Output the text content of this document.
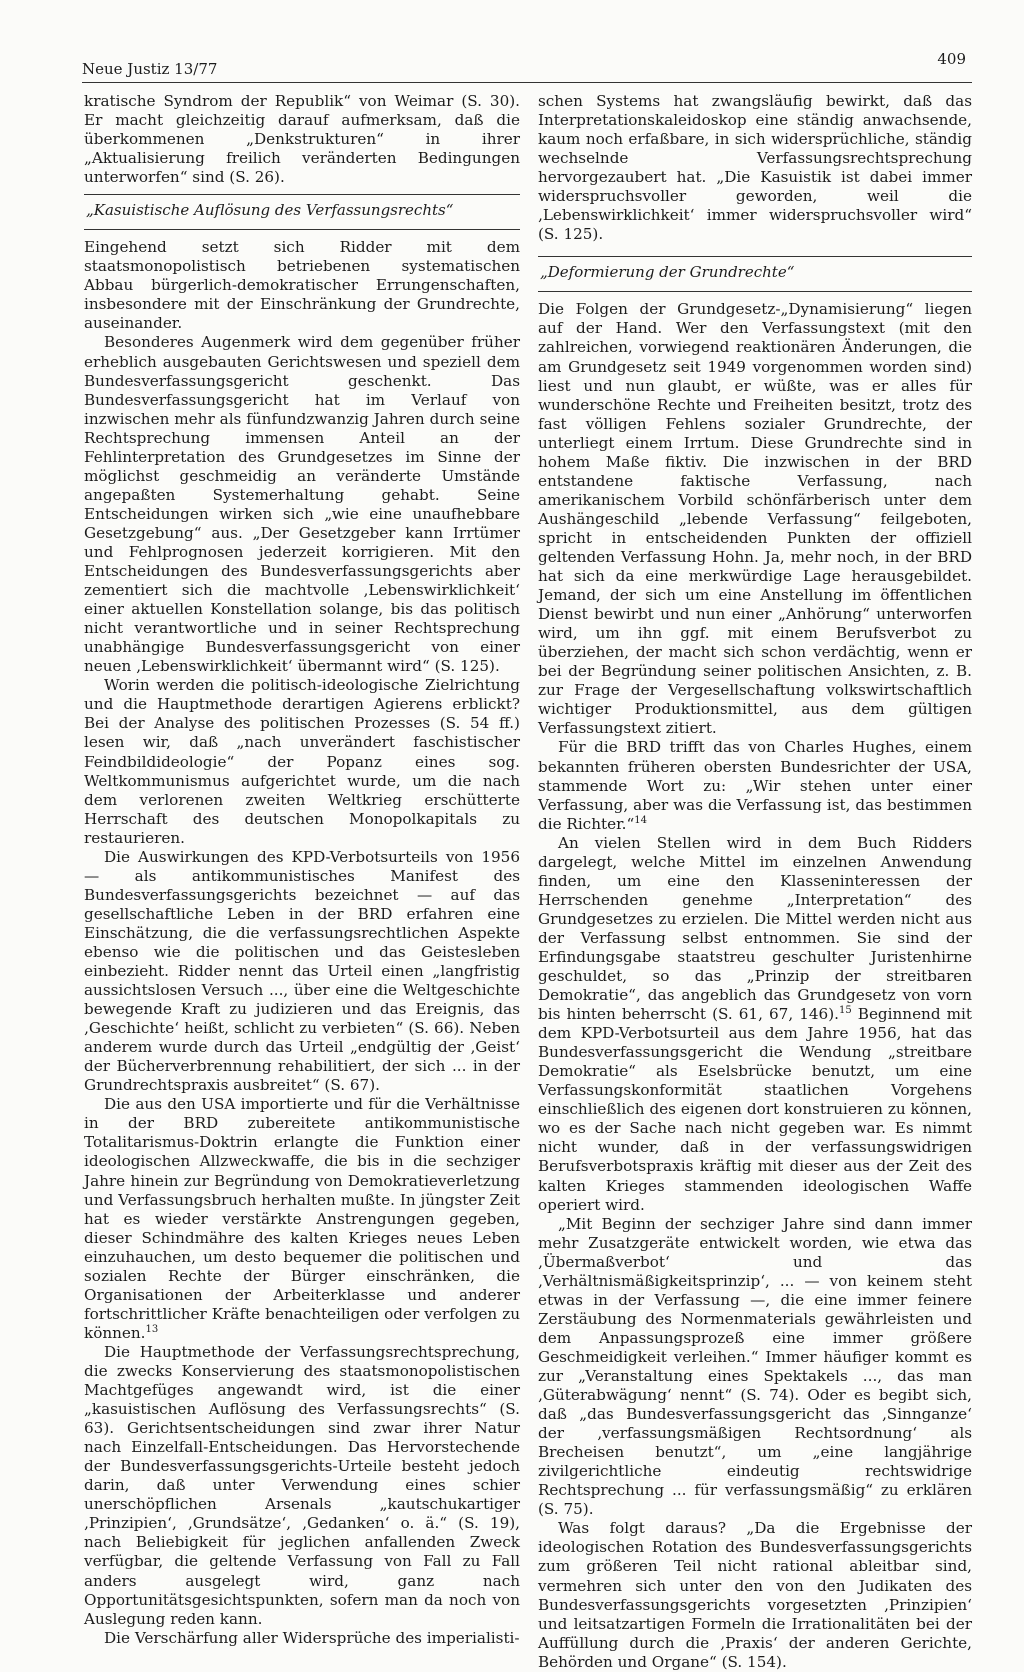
Neue Justiz 13/77
409

kratische Syndrom der Republik“ von Weimar (S. 30). Er macht gleichzeitig darauf aufmerksam, daß die überkommenen „Denkstrukturen“ in ihrer „Aktualisierung freilich veränderten Bedingungen unterworfen“ sind (S. 26).

„Kasuistische Auflösung des Verfassungsrechts“

Eingehend setzt sich Ridder mit dem staatsmonopolistisch betriebenen systematischen Abbau bürgerlich-demokratischer Errungenschaften, insbesondere mit der Einschränkung der Grundrechte, auseinander.

Besonderes Augenmerk wird dem gegenüber früher erheblich ausgebauten Gerichtswesen und speziell dem Bundesverfassungsgericht geschenkt. Das Bundesverfassungsgericht hat im Verlauf von inzwischen mehr als fünfundzwanzig Jahren durch seine Rechtsprechung immensen Anteil an der Fehlinterpretation des Grundgesetzes im Sinne der möglichst geschmeidig an veränderte Umstände angepaßten Systemerhaltung gehabt. Seine Entscheidungen wirken sich „wie eine unaufhebbare Gesetzgebung“ aus. „Der Gesetzgeber kann Irrtümer und Fehlprognosen jederzeit korrigieren. Mit den Entscheidungen des Bundesverfassungsgerichts aber zementiert sich die machtvolle ‚Lebenswirklichkeit‘ einer aktuellen Konstellation solange, bis das politisch nicht verantwortliche und in seiner Rechtsprechung unabhängige Bundesverfassungsgericht von einer neuen ‚Lebenswirklichkeit‘ übermannt wird“ (S. 125).

Worin werden die politisch-ideologische Zielrichtung und die Hauptmethode derartigen Agierens erblickt? Bei der Analyse des politischen Prozesses (S. 54 ff.) lesen wir, daß „nach unverändert faschistischer Feindbildideologie“ der Popanz eines sog. Weltkommunismus aufgerichtet wurde, um die nach dem verlorenen zweiten Weltkrieg erschütterte Herrschaft des deutschen Monopolkapitals zu restaurieren.

Die Auswirkungen des KPD-Verbotsurteils von 1956 — als antikommunistisches Manifest des Bundesverfassungsgerichts bezeichnet — auf das gesellschaftliche Leben in der BRD erfahren eine Einschätzung, die die verfassungsrechtlichen Aspekte ebenso wie die politischen und das Geistesleben einbezieht. Ridder nennt das Urteil einen „langfristig aussichtslosen Versuch ..., über eine die Weltgeschichte bewegende Kraft zu judizieren und das Ereignis, das ‚Geschichte‘ heißt, schlicht zu verbieten“ (S. 66). Neben anderem wurde durch das Urteil „endgültig der ‚Geist‘ der Bücherverbrennung rehabilitiert, der sich ... in der Grundrechtspraxis ausbreitet“ (S. 67).

Die aus den USA importierte und für die Verhältnisse in der BRD zubereitete antikommunistische Totalitarismus-Doktrin erlangte die Funktion einer ideologischen Allzweckwaffe, die bis in die sechziger Jahre hinein zur Begründung von Demokratieverletzung und Verfassungsbruch herhalten mußte. In jüngster Zeit hat es wieder verstärkte Anstrengungen gegeben, dieser Schindmähre des kalten Krieges neues Leben einzuhauchen, um desto bequemer die politischen und sozialen Rechte der Bürger einschränken, die Organisationen der Arbeiterklasse und anderer fortschrittlicher Kräfte benachteiligen oder verfolgen zu können.$^{13}$

Die Hauptmethode der Verfassungsrechtsprechung, die zwecks Konservierung des staatsmonopolistischen Machtgefüges angewandt wird, ist die einer „kasuistischen Auflösung des Verfassungsrechts“ (S. 63). Gerichtsentscheidungen sind zwar ihrer Natur nach Einzelfall-Entscheidungen. Das Hervorstechende der Bundesverfassungsgerichts-Urteile besteht jedoch darin, daß unter Verwendung eines schier unerschöpflichen Arsenals „kautschukartiger ‚Prinzipien‘, ‚Grundsätze‘, ‚Gedanken‘ o. ä.“ (S. 19), nach Beliebigkeit für jeglichen anfallenden Zweck verfügbar, die geltende Verfassung von Fall zu Fall anders ausgelegt wird, ganz nach Opportunitätsgesichtspunkten, sofern man da noch von Auslegung reden kann.

Die Verschärfung aller Widersprüche des imperialisti-

schen Systems hat zwangsläufig bewirkt, daß das Interpretationskaleidoskop eine ständig anwachsende, kaum noch erfaßbare, in sich widersprüchliche, ständig wechselnde Verfassungsrechtsprechung hervorgezaubert hat. „Die Kasuistik ist dabei immer widerspruchsvoller geworden, weil die ‚Lebenswirklichkeit‘ immer widerspruchsvoller wird“ (S. 125).

„Deformierung der Grundrechte“

Die Folgen der Grundgesetz-„Dynamisierung“ liegen auf der Hand. Wer den Verfassungstext (mit den zahlreichen, vorwiegend reaktionären Änderungen, die am Grundgesetz seit 1949 vorgenommen worden sind) liest und nun glaubt, er wüßte, was er alles für wunderschöne Rechte und Freiheiten besitzt, trotz des fast völligen Fehlens sozialer Grundrechte, der unterliegt einem Irrtum. Diese Grundrechte sind in hohem Maße fiktiv. Die inzwischen in der BRD entstandene faktische Verfassung, nach amerikanischem Vorbild schönfärberisch unter dem Aushängeschild „lebende Verfassung“ feilgeboten, spricht in entscheidenden Punkten der offiziell geltenden Verfassung Hohn. Ja, mehr noch, in der BRD hat sich da eine merkwürdige Lage herausgebildet. Jemand, der sich um eine Anstellung im öffentlichen Dienst bewirbt und nun einer „Anhörung“ unterworfen wird, um ihn ggf. mit einem Berufsverbot zu überziehen, der macht sich schon verdächtig, wenn er bei der Begründung seiner politischen Ansichten, z. B. zur Frage der Vergesellschaftung volkswirtschaftlich wichtiger Produktionsmittel, aus dem gültigen Verfassungstext zitiert.

Für die BRD trifft das von Charles Hughes, einem bekannten früheren obersten Bundesrichter der USA, stammende Wort zu: „Wir stehen unter einer Verfassung, aber was die Verfassung ist, das bestimmen die Richter.“$^{14}$

An vielen Stellen wird in dem Buch Ridders dargelegt, welche Mittel im einzelnen Anwendung finden, um eine den Klasseninteressen der Herrschenden genehme „Interpretation“ des Grundgesetzes zu erzielen. Die Mittel werden nicht aus der Verfassung selbst entnommen. Sie sind der Erfindungsgabe staatstreu geschulter Juristenhirne geschuldet, so das „Prinzip der streitbaren Demokratie“, das angeblich das Grundgesetz von vorn bis hinten beherrscht (S. 61, 67, 146).$^{15}$ Beginnend mit dem KPD-Verbotsurteil aus dem Jahre 1956, hat das Bundesverfassungsgericht die Wendung „streitbare Demokratie“ als Eselsbrücke benutzt, um eine Verfassungskonformität staatlichen Vorgehens einschließlich des eigenen dort konstruieren zu können, wo es der Sache nach nicht gegeben war. Es nimmt nicht wunder, daß in der verfassungswidrigen Berufsverbotspraxis kräftig mit dieser aus der Zeit des kalten Krieges stammenden ideologischen Waffe operiert wird.

„Mit Beginn der sechziger Jahre sind dann immer mehr Zusatzgeräte entwickelt worden, wie etwa das ‚Übermaßverbot‘ und das ‚Verhältnismäßigkeitsprinzip‘, ... — von keinem steht etwas in der Verfassung —, die eine immer feinere Zerstäubung des Normenmaterials gewährleisten und dem Anpassungsprozeß eine immer größere Geschmeidigkeit verleihen.“ Immer häufiger kommt es zur „Veranstaltung eines Spektakels ..., das man ‚Güterabwägung‘ nennt“ (S. 74). Oder es begibt sich, daß „das Bundesverfassungsgericht das ‚Sinnganze‘ der ‚verfassungsmäßigen Rechtsordnung‘ als Brecheisen benutzt“, um „eine langjährige zivilgerichtliche eindeutig rechtswidrige Rechtsprechung ... für verfassungsmäßig“ zu erklären (S. 75).

Was folgt daraus? „Da die Ergebnisse der ideologischen Rotation des Bundesverfassungsgerichts zum größeren Teil nicht rational ableitbar sind, vermehren sich unter den von den Judikaten des Bundesverfassungsgerichts vorgesetzten ‚Prinzipien‘ und leitsatzartigen Formeln die Irrationalitäten bei der Auffüllung durch die ‚Praxis‘ der anderen Gerichte, Behörden und Organe“ (S. 154).
